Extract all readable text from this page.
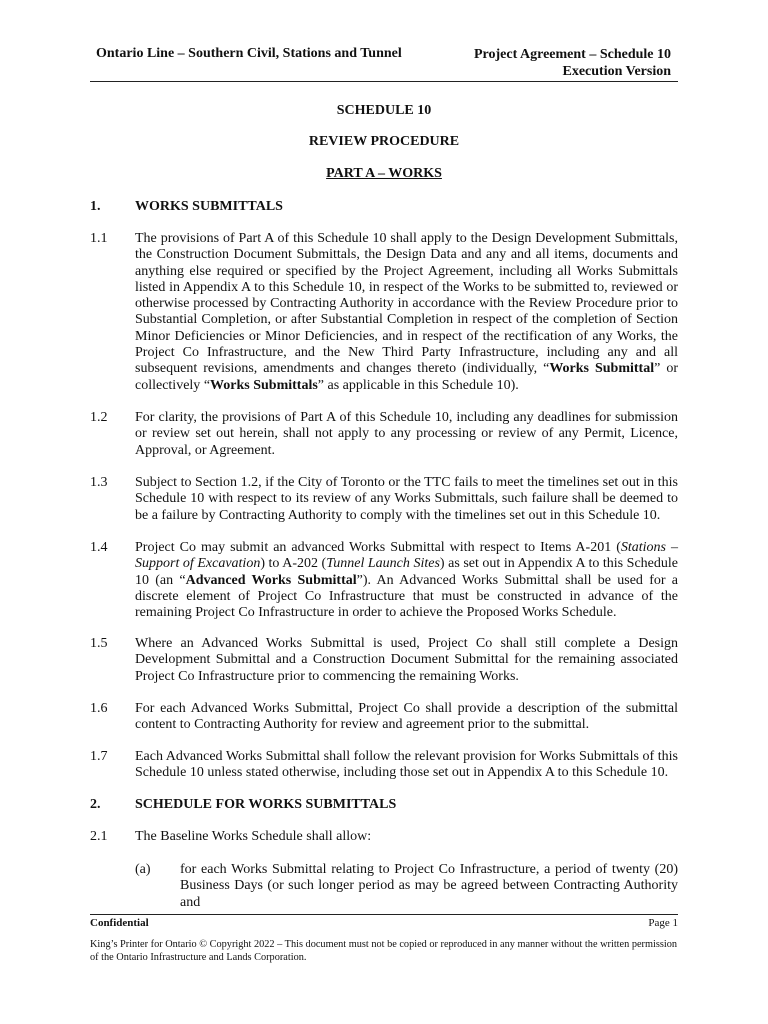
Ontario Line – Southern Civil, Stations and Tunnel	Project Agreement – Schedule 10
Execution Version
SCHEDULE 10
REVIEW PROCEDURE
PART A – WORKS
1. WORKS SUBMITTALS
1.1 The provisions of Part A of this Schedule 10 shall apply to the Design Development Submittals, the Construction Document Submittals, the Design Data and any and all items, documents and anything else required or specified by the Project Agreement, including all Works Submittals listed in Appendix A to this Schedule 10, in respect of the Works to be submitted to, reviewed or otherwise processed by Contracting Authority in accordance with the Review Procedure prior to Substantial Completion, or after Substantial Completion in respect of the completion of Section Minor Deficiencies or Minor Deficiencies, and in respect of the rectification of any Works, the Project Co Infrastructure, and the New Third Party Infrastructure, including any and all subsequent revisions, amendments and changes thereto (individually, “Works Submittal” or collectively “Works Submittals” as applicable in this Schedule 10).
1.2 For clarity, the provisions of Part A of this Schedule 10, including any deadlines for submission or review set out herein, shall not apply to any processing or review of any Permit, Licence, Approval, or Agreement.
1.3 Subject to Section 1.2, if the City of Toronto or the TTC fails to meet the timelines set out in this Schedule 10 with respect to its review of any Works Submittals, such failure shall be deemed to be a failure by Contracting Authority to comply with the timelines set out in this Schedule 10.
1.4 Project Co may submit an advanced Works Submittal with respect to Items A-201 (Stations – Support of Excavation) to A-202 (Tunnel Launch Sites) as set out in Appendix A to this Schedule 10 (an “Advanced Works Submittal”). An Advanced Works Submittal shall be used for a discrete element of Project Co Infrastructure that must be constructed in advance of the remaining Project Co Infrastructure in order to achieve the Proposed Works Schedule.
1.5 Where an Advanced Works Submittal is used, Project Co shall still complete a Design Development Submittal and a Construction Document Submittal for the remaining associated Project Co Infrastructure prior to commencing the remaining Works.
1.6 For each Advanced Works Submittal, Project Co shall provide a description of the submittal content to Contracting Authority for review and agreement prior to the submittal.
1.7 Each Advanced Works Submittal shall follow the relevant provision for Works Submittals of this Schedule 10 unless stated otherwise, including those set out in Appendix A to this Schedule 10.
2. SCHEDULE FOR WORKS SUBMITTALS
2.1 The Baseline Works Schedule shall allow:
(a) for each Works Submittal relating to Project Co Infrastructure, a period of twenty (20) Business Days (or such longer period as may be agreed between Contracting Authority and
Confidential	Page 1
King’s Printer for Ontario © Copyright 2022 – This document must not be copied or reproduced in any manner without the written permission of the Ontario Infrastructure and Lands Corporation.
